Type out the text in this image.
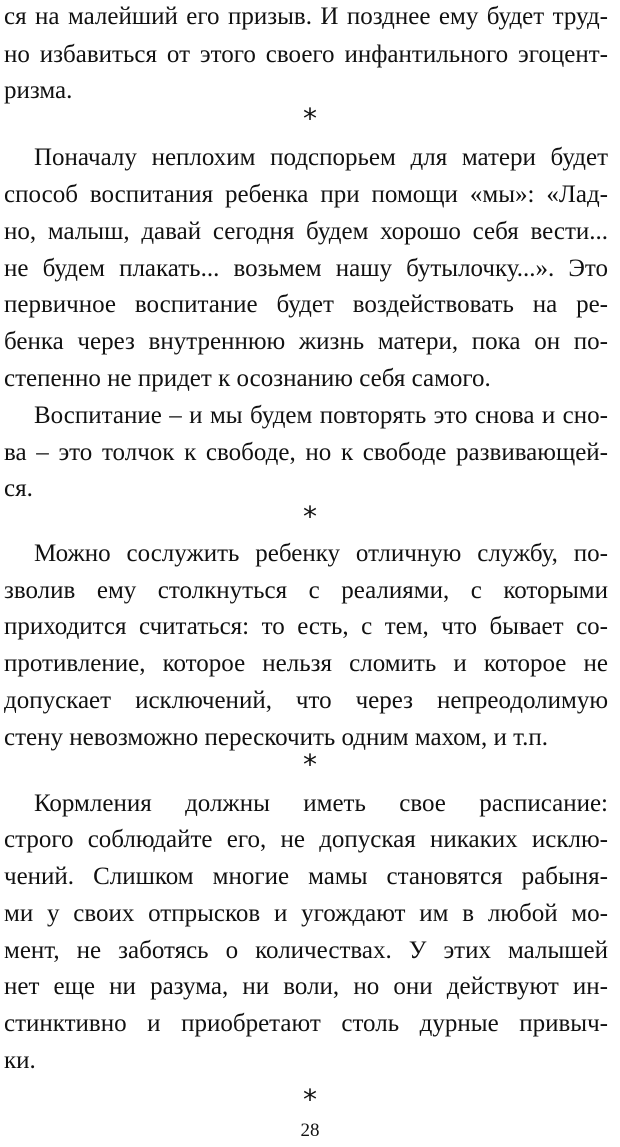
ся на малейший его призыв. И позднее ему будет труд-
но избавиться от этого своего инфантильного эгоцент-
ризма.
*
Поначалу неплохим подспорьем для матери будет
способ воспитания ребенка при помощи «мы»: «Лад-
но, малыш, давай сегодня будем хорошо себя вести...
не будем плакать... возьмем нашу бутылочку...». Это
первичное воспитание будет воздействовать на ре-
бенка через внутреннюю жизнь матери, пока он по-
степенно не придет к осознанию себя самого.
Воспитание – и мы будем повторять это снова и сно-
ва – это толчок к свободе, но к свободе развивающей-
ся.
*
Можно сослужить ребенку отличную службу, по-
зволив ему столкнуться с реалиями, с которыми
приходится считаться: то есть, с тем, что бывает со-
противление, которое нельзя сломить и которое не
допускает исключений, что через непреодолимую
стену невозможно перескочить одним махом, и т.п.
*
Кормления должны иметь свое расписание:
строго соблюдайте его, не допуская никаких исклю-
чений. Слишком многие мамы становятся рабыня-
ми у своих отпрысков и угождают им в любой мо-
мент, не заботясь о количествах. У этих малышей
нет еще ни разума, ни воли, но они действуют ин-
стинктивно и приобретают столь дурные привыч-
ки.
*
28
